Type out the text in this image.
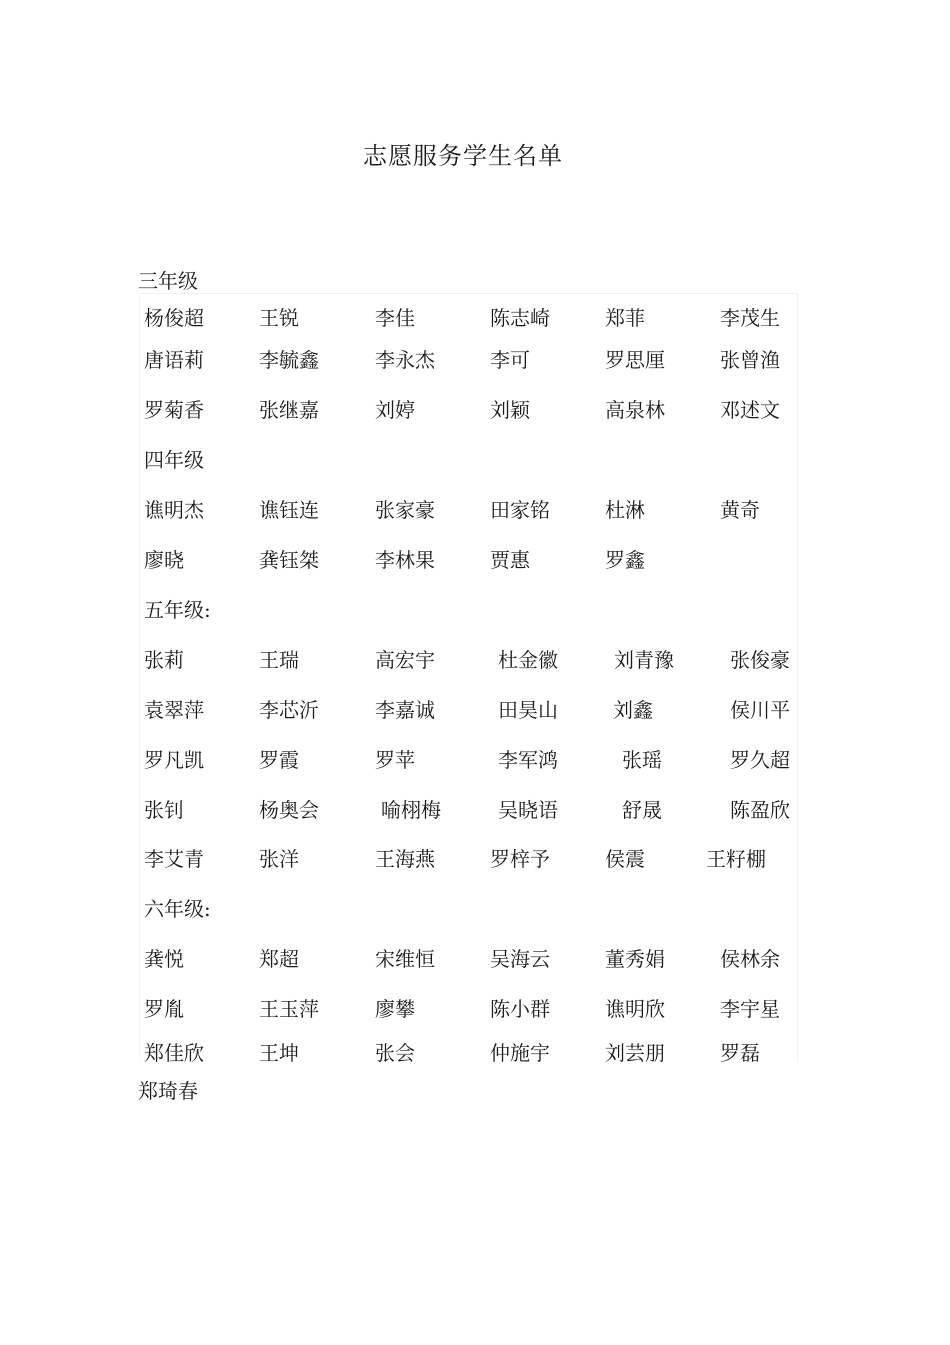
志愿服务学生名单
三年级
杨俊超	王锐	李佳	陈志崎	郑菲	李茂生
唐语莉	李毓鑫	李永杰	李可	罗思厘	张曾渔
罗菊香	张继嘉	刘婷	刘颖	高泉林	邓述文
四年级
谯明杰	谯钰连	张家豪	田家铭	杜淋	黄奇
廖晓	龚钰桀	李林果	贾惠	罗鑫
五年级:
张莉	王瑞	高宏宇	杜金徽	刘青豫	张俊豪
袁翠萍	李芯沂	李嘉诚	田昊山	刘鑫	侯川平
罗凡凯	罗霞	罗苹	李军鸿	张瑶	罗久超
张钊	杨奥会	喻栩梅	吴晓语	舒晟	陈盈欣
李艾青	张洋	王海燕	罗梓予	侯震	王籽棚
六年级:
龚悦	郑超	宋维恒	吴海云	董秀娟	侯林余
罗胤	王玉萍	廖攀	陈小群	谯明欣	李宇星
郑佳欣	王坤	张会	仲施宇	刘芸朋	罗磊
郑琦春
